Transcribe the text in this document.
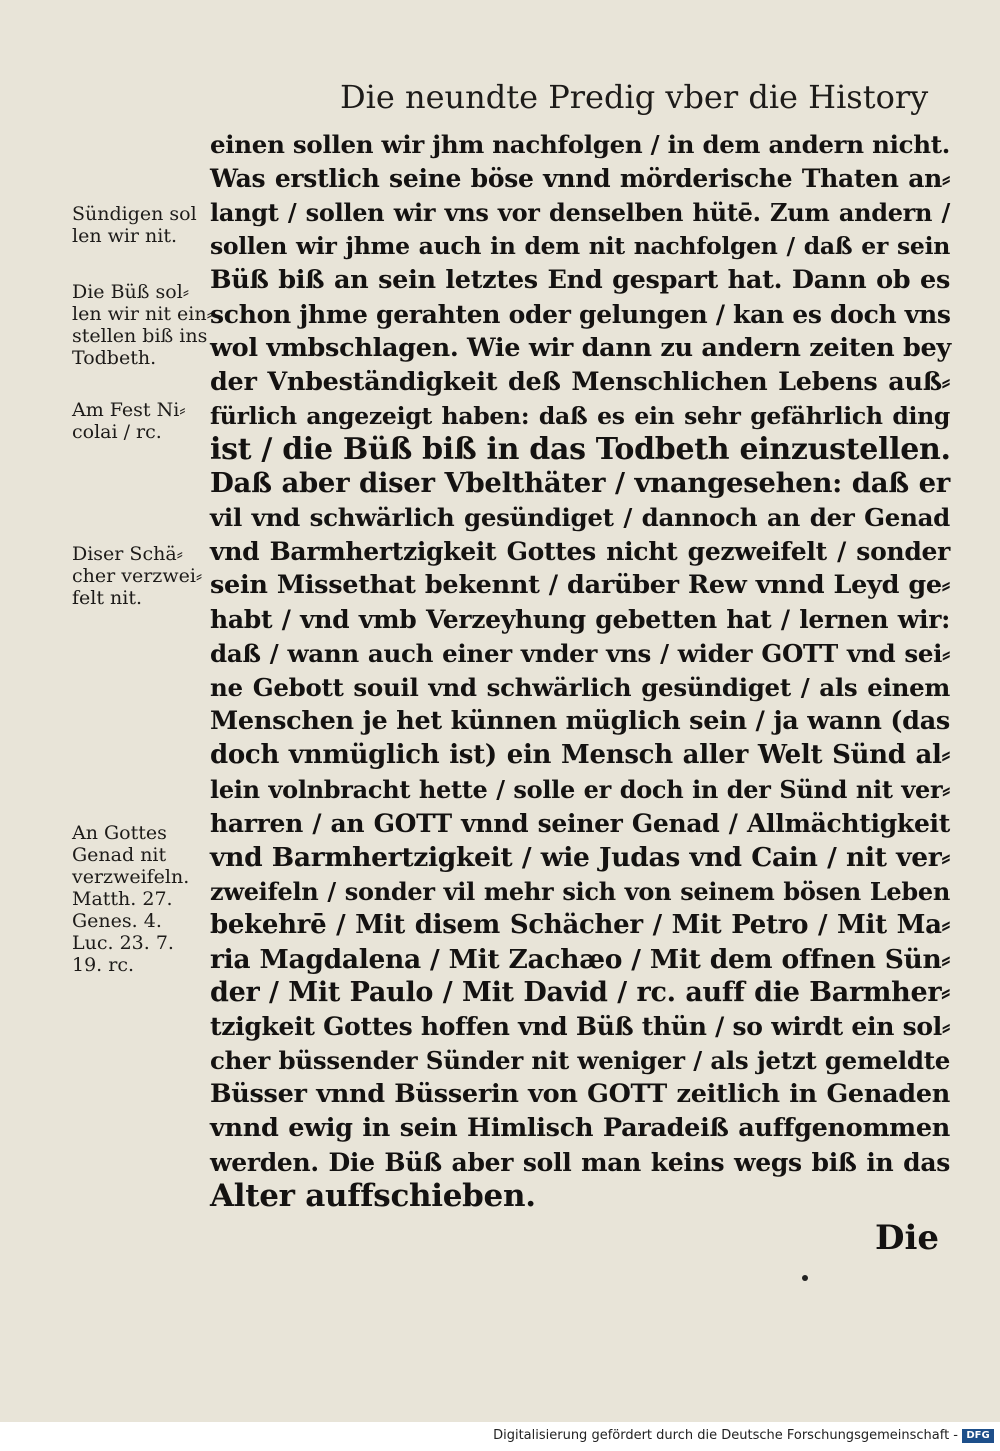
Die neundte Predig vber die History
einen sollen wir jhm nachfolgen / in dem andern nicht.
Was erstlich seine böse vnnd mörderische Thaten an⸗
langt / sollen wir vns vor denselben hütē. Zum andern /
sollen wir jhme auch in dem nit nachfolgen / daß er sein
Büß biß an sein letztes End gespart hat. Dann ob es
schon jhme gerahten oder gelungen / kan es doch vns
wol vmbschlagen. Wie wir dann zu andern zeiten bey
der Vnbeständigkeit deß Menschlichen Lebens auß⸗
fürlich angezeigt haben: daß es ein sehr gefährlich ding
ist / die Büß biß in das Todbeth einzustellen.
Daß aber diser Vbelthäter / vnangesehen: daß er
vil vnd schwärlich gesündiget / dannoch an der Genad
vnd Barmhertzigkeit Gottes nicht gezweifelt / sonder
sein Missethat bekennt / darüber Rew vnnd Leyd ge⸗
habt / vnd vmb Verzeyhung gebetten hat / lernen wir:
daß / wann auch einer vnder vns / wider GOTT vnd sei⸗
ne Gebott souil vnd schwärlich gesündiget / als einem
Menschen je het künnen müglich sein / ja wann (das
doch vnmüglich ist) ein Mensch aller Welt Sünd al⸗
lein volnbracht hette / solle er doch in der Sünd nit ver⸗
harren / an GOTT vnnd seiner Genad / Allmächtigkeit
vnd Barmhertzigkeit / wie Judas vnd Cain / nit ver⸗
zweifeln / sonder vil mehr sich von seinem bösen Leben
bekehrē / Mit disem Schächer / Mit Petro / Mit Ma⸗
ria Magdalena / Mit Zachæo / Mit dem offnen Sün⸗
der / Mit Paulo / Mit David / rc. auff die Barmher⸗
tzigkeit Gottes hoffen vnd Büß thün / so wirdt ein sol⸗
cher büssender Sünder nit weniger / als jetzt gemeldte
Büsser vnnd Büsserin von GOTT zeitlich in Genaden
vnnd ewig in sein Himlisch Paradeiß auffgenommen
werden. Die Büß aber soll man keins wegs biß in das
Alter auffschieben.
Sündigen sol
len wir nit.
Die Büß sol⸗
len wir nit ein⸗
stellen biß ins
Todbeth.
Am Fest Ni⸗
colai / rc.
Diser Schä⸗
cher verzwei⸗
felt nit.
An Gottes
Genad nit
verzweifeln.
Matth. 27.
Genes. 4.
Luc. 23. 7.
19. rc.
Die
Digitalisierung gefördert durch die Deutsche Forschungsgemeinschaft - DFG
